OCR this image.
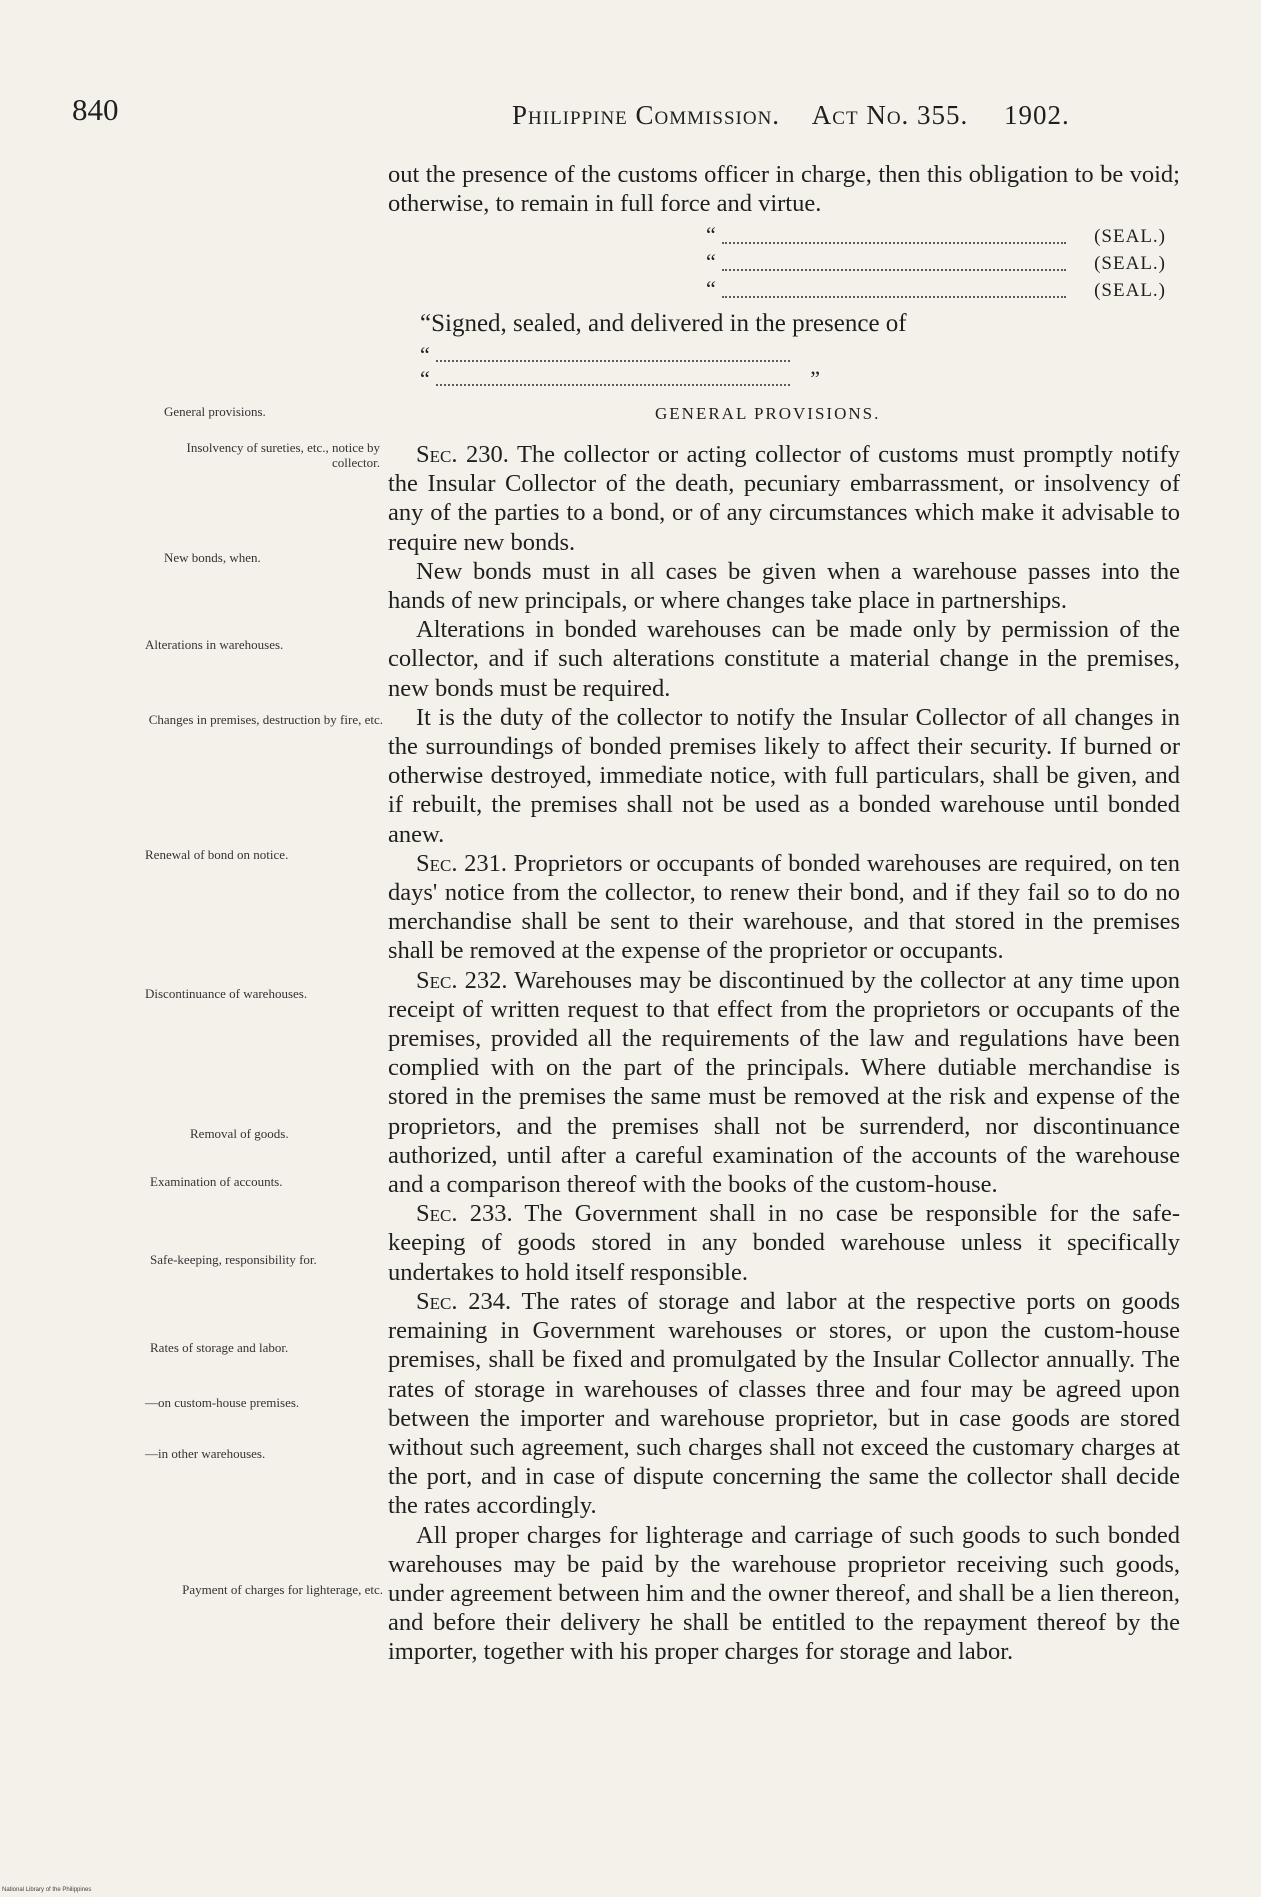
840	Philippine Commission. Act No. 355. 1902.

out the presence of the customs officer in charge, then this obligation to be void; otherwise, to remain in full force and virtue.

“	(SEAL.)
“	(SEAL.)
“	(SEAL.)
“Signed, sealed, and delivered in the presence of
“
“	”
GENERAL PROVISIONS.
General provisions.
Insolvency of sureties, etc., notice by collector.
New bonds, when.
Alterations in warehouses.
Changes in premises, destruction by fire, etc.
Renewal of bond on notice.
Discontinuance of warehouses.
Removal of goods.
Examination of accounts.
Safe-keeping, responsibility for.
Rates of storage and labor.
—on custom-house premises.
—in other warehouses.
Payment of charges for lighterage, etc.

Sec. 230. The collector or acting collector of customs must promptly notify the Insular Collector of the death, pecuniary embarrassment, or insolvency of any of the parties to a bond, or of any circumstances which make it advisable to require new bonds.

New bonds must in all cases be given when a warehouse passes into the hands of new principals, or where changes take place in partnerships.

Alterations in bonded warehouses can be made only by permission of the collector, and if such alterations constitute a material change in the premises, new bonds must be required.

It is the duty of the collector to notify the Insular Collector of all changes in the surroundings of bonded premises likely to affect their security. If burned or otherwise destroyed, immediate notice, with full particulars, shall be given, and if rebuilt, the premises shall not be used as a bonded warehouse until bonded anew.

Sec. 231. Proprietors or occupants of bonded warehouses are required, on ten days' notice from the collector, to renew their bond, and if they fail so to do no merchandise shall be sent to their warehouse, and that stored in the premises shall be removed at the expense of the proprietor or occupants.

Sec. 232. Warehouses may be discontinued by the collector at any time upon receipt of written request to that effect from the proprietors or occupants of the premises, provided all the requirements of the law and regulations have been complied with on the part of the principals. Where dutiable merchandise is stored in the premises the same must be removed at the risk and expense of the proprietors, and the premises shall not be surrenderd, nor discontinuance authorized, until after a careful examination of the accounts of the warehouse and a comparison thereof with the books of the custom-house.

Sec. 233. The Government shall in no case be responsible for the safe-keeping of goods stored in any bonded warehouse unless it specifically undertakes to hold itself responsible.

Sec. 234. The rates of storage and labor at the respective ports on goods remaining in Government warehouses or stores, or upon the custom-house premises, shall be fixed and promulgated by the Insular Collector annually. The rates of storage in warehouses of classes three and four may be agreed upon between the importer and warehouse proprietor, but in case goods are stored without such agreement, such charges shall not exceed the customary charges at the port, and in case of dispute concerning the same the collector shall decide the rates accordingly.

All proper charges for lighterage and carriage of such goods to such bonded warehouses may be paid by the warehouse proprietor receiving such goods, under agreement between him and the owner thereof, and shall be a lien thereon, and before their delivery he shall be entitled to the repayment thereof by the importer, together with his proper charges for storage and labor.

National Library of the Philippines
